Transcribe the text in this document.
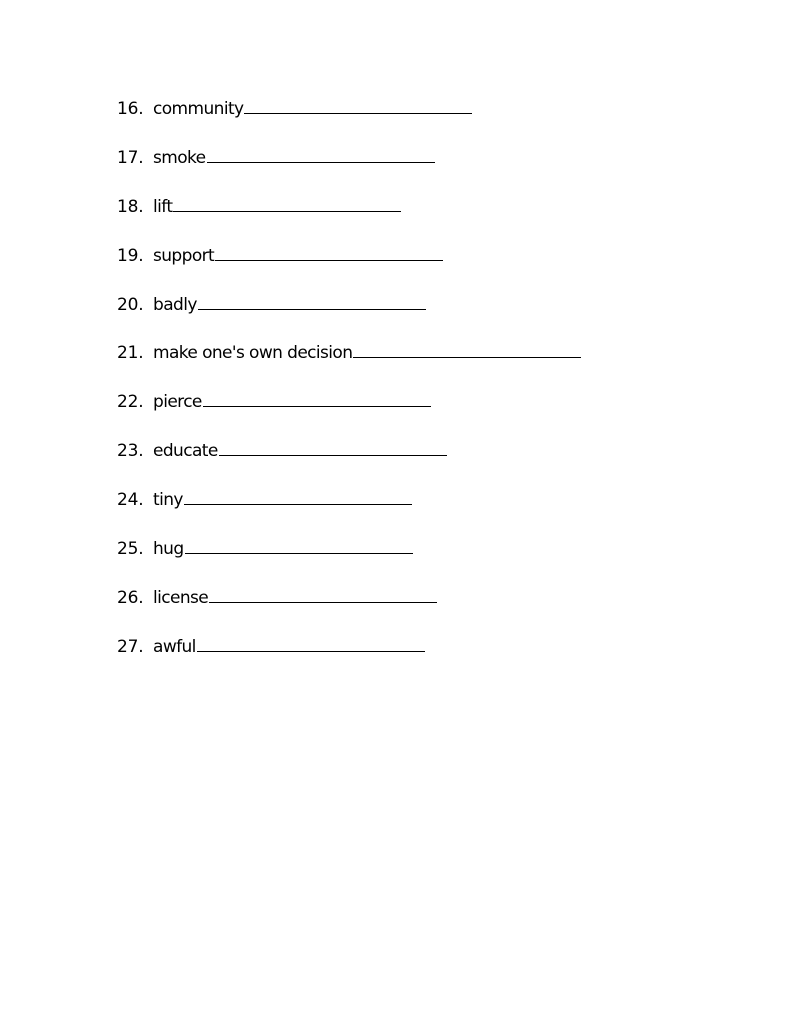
16. community
17. smoke
18. lift
19. support
20. badly
21. make one's own decision
22. pierce
23. educate
24. tiny
25. hug
26. license
27. awful
